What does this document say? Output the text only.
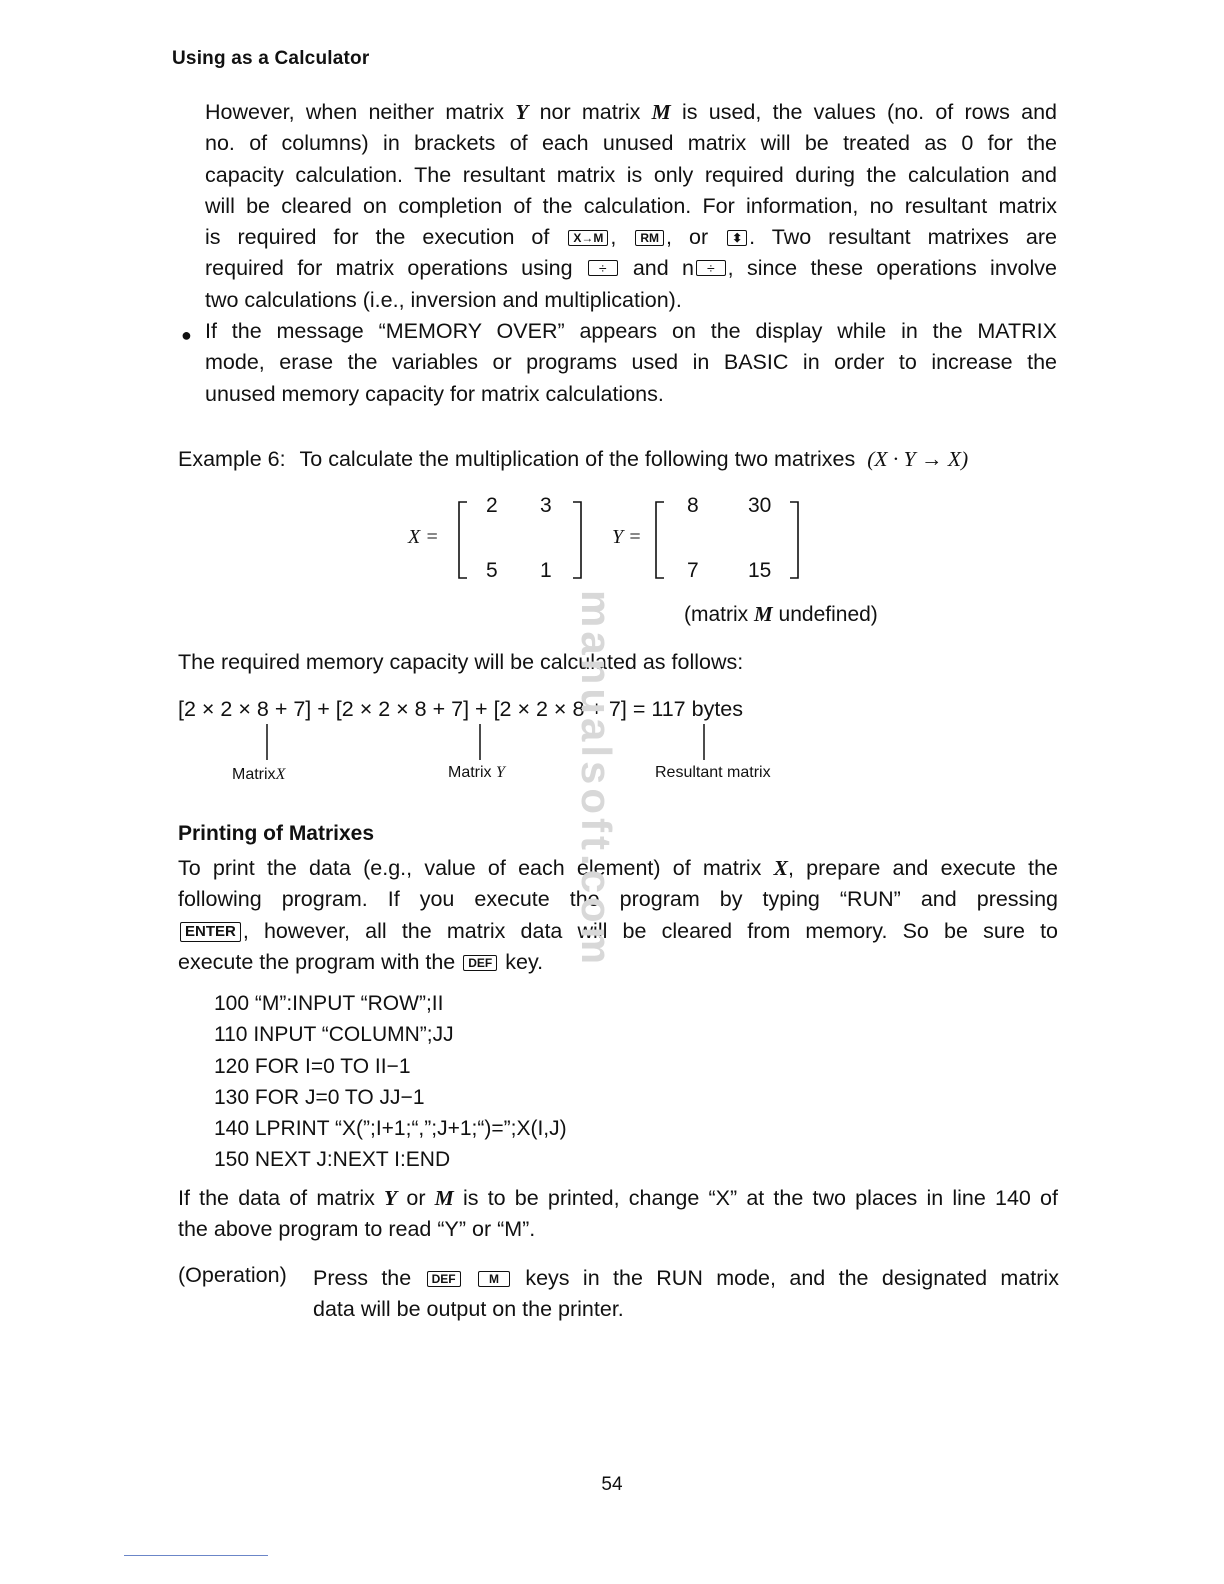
Using as a Calculator
However, when neither matrix Y nor matrix M is used, the values (no. of rows and
no. of columns) in brackets of each unused matrix will be treated as 0 for the
capacity calculation. The resultant matrix is only required during the calculation and
will be cleared on completion of the calculation. For information, no resultant matrix
is required for the execution of X→M , RM , or ⬍ . Two resultant matrixes are
required for matrix operations using ÷ and n ÷ , since these operations involve
two calculations (i.e., inversion and multiplication).
● If the message “MEMORY OVER” appears on the display while in the MATRIX
mode, erase the variables or programs used in BASIC in order to increase the
unused memory capacity for matrix calculations.
Example 6: To calculate the multiplication of the following two matrixes (X · Y → X)
X =
2 3
5 1
Y =
8 30
7 15
(matrix M undefined)
The required memory capacity will be calculated as follows:
[2 × 2 × 8 + 7] + [2 × 2 × 8 + 7] + [2 × 2 × 8 + 7] = 117 bytes
MatrixX	Matrix Y	Resultant matrix
Printing of Matrixes
To print the data (e.g., value of each element) of matrix X, prepare and execute the
following program. If you execute the program by typing “RUN” and pressing
ENTER , however, all the matrix data will be cleared from memory. So be sure to
execute the program with the DEF key.
100 “M”:INPUT “ROW”;II
110 INPUT “COLUMN”;JJ
120 FOR I=0 TO II−1
130 FOR J=0 TO JJ−1
140 LPRINT “X(”;I+1;“,”;J+1;“)=”;X(I,J)
150 NEXT J:NEXT I:END
If the data of matrix Y or M is to be printed, change “X” at the two places in line 140 of
the above program to read “Y” or “M”.
(Operation) Press the DEF	M keys in the RUN mode, and the designated matrix
data will be output on the printer.
manualsoft.com
54
